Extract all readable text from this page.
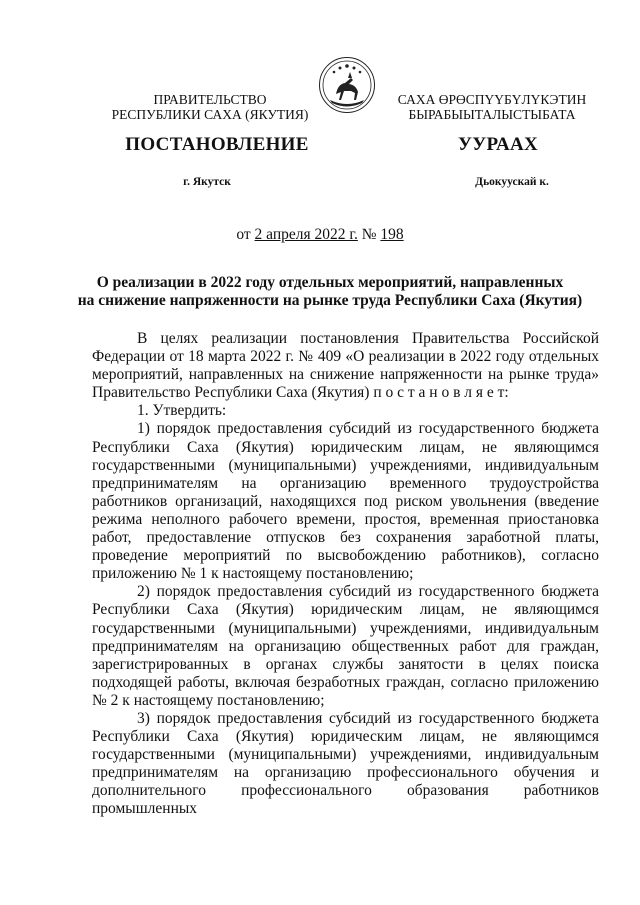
ПРАВИТЕЛЬСТВО
РЕСПУБЛИКИ САХА (ЯКУТИЯ)
САХА ӨРӨСПҮҮБҮЛҮКЭТИН
БЫРАБЫЫТАЛЫСТЫБАТА
ПОСТАНОВЛЕНИЕ	УУРААХ
г. Якутск	Дьокуускай к.
от 2 апреля 2022 г. № 198
О реализации в 2022 году отдельных мероприятий, направленных
на снижение напряженности на рынке труда Республики Саха (Якутия)

В целях реализации постановления Правительства Российской Федерации от 18 марта 2022 г. № 409 «О реализации в 2022 году отдельных мероприятий, направленных на снижение напряженности на рынке труда» Правительство Республики Саха (Якутия) п о с т а н о в л я е т:

1. Утвердить:

1) порядок предоставления субсидий из государственного бюджета Республики Саха (Якутия) юридическим лицам, не являющимся государственными (муниципальными) учреждениями, индивидуальным предпринимателям на организацию временного трудоустройства работников организаций, находящихся под риском увольнения (введение режима неполного рабочего времени, простоя, временная приостановка работ, предоставление отпусков без сохранения заработной платы, проведение мероприятий по высвобождению работников), согласно приложению № 1 к настоящему постановлению;

2) порядок предоставления субсидий из государственного бюджета Республики Саха (Якутия) юридическим лицам, не являющимся государственными (муниципальными) учреждениями, индивидуальным предпринимателям на организацию общественных работ для граждан, зарегистрированных в органах службы занятости в целях поиска подходящей работы, включая безработных граждан, согласно приложению № 2 к настоящему постановлению;

3) порядок предоставления субсидий из государственного бюджета Республики Саха (Якутия) юридическим лицам, не являющимся государственными (муниципальными) учреждениями, индивидуальным предпринимателям на организацию профессионального обучения и дополнительного профессионального образования работников промышленных
